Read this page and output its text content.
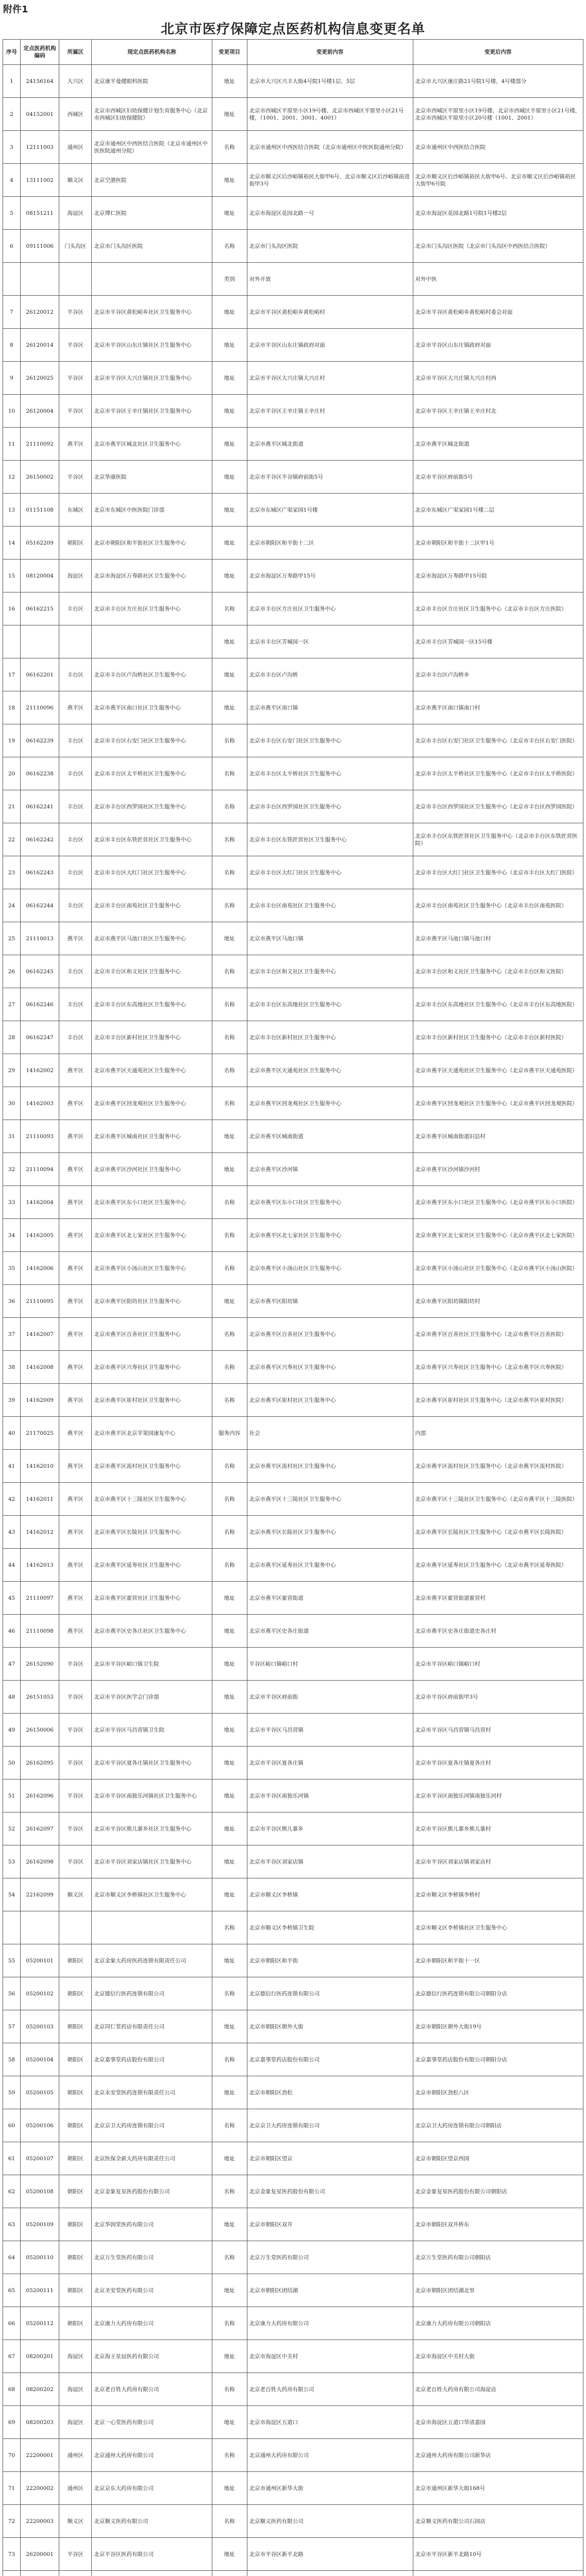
附件1
北京市医疗保障定点医药机构信息变更名单
序号	定点医药机构编码	所属区	现定点医药机构名称	变更项目	变更前内容	变更后内容
1	24156164	大兴区	北京康平曼健眼科医院	地址	北京市大兴区兴丰大街4号院1号楼1层、5层	北京市大兴区康庄路21号院1号楼，4号楼部分
2	04152001	西城区	北京市西城区妇幼保健计划生育服务中心（北京市西城区妇幼保健院）	地址	北京市西城区平原里小区19号楼、北京市西城区平原里小区21号楼，（1001、2001、3001、4001）	北京市西城区平原里小区19号楼、北京市西城区平原里小区21号楼，北京市西城区平原里小区20号楼（1001、2001）
3	12111003	通州区	北京市通州区中西医结合医院（北京市通州区中医医院通州分院）	名称	北京市通州区中西医结合医院（北京市通州区中医医院通州分院）	北京市通州区中西医结合医院
4	13111002	顺义区	北京空港医院	地址	北京市顺义区后沙峪镇裕民大街甲6号、北京市顺义区后沙峪镇前进街甲3号	北京市顺义区后沙峪镇裕民大街甲6号、北京市顺义区后沙峪镇裕民大街甲6号院
5	08151211	海淀区	北京博仁医院	地址	北京市海淀区花园北路一号	北京市海淀区花园北路1号院1号楼2层
6	09111006	门头沟区	北京市门头沟区医院	名称	北京市门头沟区医院	北京市门头沟区医院（北京市门头沟区中西医结合医院）
				类别	对外开放	对外中医
7	26120012	平谷区	北京市平谷区黄松峪乡社区卫生服务中心	地址	北京市平谷区黄松峪乡黄松峪村	北京市平谷区黄松峪乡黄松峪村委会对面
8	26120014	平谷区	北京市平谷区山东庄镇社区卫生服务中心	地址	北京市平谷区山东庄镇政府对面	北京市平谷区山东庄镇政府对面
9	26120025	平谷区	北京市平谷区大兴庄镇社区卫生服务中心	地址	北京市平谷区大兴庄镇大兴庄村	北京市平谷区大兴庄镇大兴庄村西
10	26120004	平谷区	北京市平谷区王辛庄镇社区卫生服务中心	地址	北京市平谷区王辛庄镇王辛庄村	北京市平谷区王辛庄镇王辛庄村北
11	21110092	燕平区	北京市燕平区城北社区卫生服务中心	地址	北京市燕平区城北街道	北京市燕平区城北街道
12	26150002	平谷区	北京华康医院	地址	北京市平谷区平谷镇府前街5号	北京市平谷区府前街5号
13	01151108	东城区	北京市东城区中医医院门诊部	地址	北京市东城区广渠家园1号楼	北京市东城区广渠家园1号楼二层
14	05162209	朝阳区	北京市朝阳区和平街社区卫生服务中心	地址	北京市朝阳区和平街十二区	北京市朝阳区和平街十二区甲1号
15	08120004	海淀区	北京市海淀区万寿路社区卫生服务中心	地址	北京市海淀区万寿路甲15号	北京市海淀区万寿路甲15号院
16	06162215	丰台区	北京市丰台区方庄社区卫生服务中心	名称	北京市丰台区方庄社区卫生服务中心	北京市丰台区方庄社区卫生服务中心（北京市丰台区方庄医院）
				地址	北京市丰台区芳城园一区	北京市丰台区芳城园一区15号楼
17	06162201	丰台区	北京市丰台区卢沟桥社区卫生服务中心	地址	北京市丰台区卢沟桥	北京市丰台区卢沟桥乡
18	21110096	燕平区	北京市燕平区南口社区卫生服务中心	地址	北京市燕平区南口镇	北京市燕平区南口镇南口村
19	06162239	丰台区	北京市丰台区右安门社区卫生服务中心	名称	北京市丰台区右安门社区卫生服务中心	北京市丰台区右安门社区卫生服务中心（北京市丰台区右安门医院）
20	06162238	丰台区	北京市丰台区太平桥社区卫生服务中心	名称	北京市丰台区太平桥社区卫生服务中心	北京市丰台区太平桥社区卫生服务中心（北京市丰台区太平桥医院）
21	06162241	丰台区	北京市丰台区西罗园社区卫生服务中心	名称	北京市丰台区西罗园社区卫生服务中心	北京市丰台区西罗园社区卫生服务中心（北京市丰台区西罗园医院）
22	06162242	丰台区	北京市丰台区东铁匠营社区卫生服务中心	名称	北京市丰台区东铁匠营社区卫生服务中心	北京市丰台区东铁匠营社区卫生服务中心（北京市丰台区东铁匠营医院）
23	06162243	丰台区	北京市丰台区大红门社区卫生服务中心	名称	北京市丰台区大红门社区卫生服务中心	北京市丰台区大红门社区卫生服务中心（北京市丰台区大红门医院）
24	06162244	丰台区	北京市丰台区南苑社区卫生服务中心	名称	北京市丰台区南苑社区卫生服务中心	北京市丰台区南苑社区卫生服务中心（北京市丰台区南苑医院）
25	21110013	燕平区	北京市燕平区马池口社区卫生服务中心	地址	北京市燕平区马池口镇	北京市燕平区马池口镇马池口村
26	06162245	丰台区	北京市丰台区和义社区卫生服务中心	名称	北京市丰台区和义社区卫生服务中心	北京市丰台区和义社区卫生服务中心（北京市丰台区和义医院）
27	06162246	丰台区	北京市丰台区东高地社区卫生服务中心	名称	北京市丰台区东高地社区卫生服务中心	北京市丰台区东高地社区卫生服务中心（北京市丰台区东高地医院）
28	06162247	丰台区	北京市丰台区新村社区卫生服务中心	名称	北京市丰台区新村社区卫生服务中心	北京市丰台区新村社区卫生服务中心（北京市丰台区新村医院）
29	14162002	燕平区	北京市燕平区天通苑社区卫生服务中心	名称	北京市燕平区天通苑社区卫生服务中心	北京市燕平区天通苑社区卫生服务中心（北京市燕平区天通苑医院）
30	14162003	燕平区	北京市燕平区回龙观社区卫生服务中心	名称	北京市燕平区回龙观社区卫生服务中心	北京市燕平区回龙观社区卫生服务中心（北京市燕平区回龙观医院）
31	21110093	燕平区	北京市燕平区城南社区卫生服务中心	地址	北京市燕平区城南街道	北京市燕平区城南街道旧县村
32	21110094	燕平区	北京市燕平区沙河社区卫生服务中心	地址	北京市燕平区沙河镇	北京市燕平区沙河镇沙河村
33	14162004	燕平区	北京市燕平区东小口社区卫生服务中心	名称	北京市燕平区东小口社区卫生服务中心	北京市燕平区东小口社区卫生服务中心（北京市燕平区东小口医院）
34	14162005	燕平区	北京市燕平区北七家社区卫生服务中心	名称	北京市燕平区北七家社区卫生服务中心	北京市燕平区北七家社区卫生服务中心（北京市燕平区北七家医院）
35	14162006	燕平区	北京市燕平区小汤山社区卫生服务中心	名称	北京市燕平区小汤山社区卫生服务中心	北京市燕平区小汤山社区卫生服务中心（北京市燕平区小汤山医院）
36	21110095	燕平区	北京市燕平区阳坊社区卫生服务中心	地址	北京市燕平区阳坊镇	北京市燕平区阳坊镇阳坊村
37	14162007	燕平区	北京市燕平区百善社区卫生服务中心	名称	北京市燕平区百善社区卫生服务中心	北京市燕平区百善社区卫生服务中心（北京市燕平区百善医院）
38	14162008	燕平区	北京市燕平区兴寿社区卫生服务中心	名称	北京市燕平区兴寿社区卫生服务中心	北京市燕平区兴寿社区卫生服务中心（北京市燕平区兴寿医院）
39	14162009	燕平区	北京市燕平区崔村社区卫生服务中心	名称	北京市燕平区崔村社区卫生服务中心	北京市燕平区崔村社区卫生服务中心（北京市燕平区崔村医院）
40	21170025	燕平区	北京市燕平区北京苹果园康复中心	服务内容	社会	内部
41	14162010	燕平区	北京市燕平区流村社区卫生服务中心	名称	北京市燕平区流村社区卫生服务中心	北京市燕平区流村社区卫生服务中心（北京市燕平区流村医院）
42	14162011	燕平区	北京市燕平区十三陵社区卫生服务中心	名称	北京市燕平区十三陵社区卫生服务中心	北京市燕平区十三陵社区卫生服务中心（北京市燕平区十三陵医院）
43	14162012	燕平区	北京市燕平区长陵社区卫生服务中心	名称	北京市燕平区长陵社区卫生服务中心	北京市燕平区长陵社区卫生服务中心（北京市燕平区长陵医院）
44	14162013	燕平区	北京市燕平区延寿社区卫生服务中心	名称	北京市燕平区延寿社区卫生服务中心	北京市燕平区延寿社区卫生服务中心（北京市燕平区延寿医院）
45	21110097	燕平区	北京市燕平区霍营社区卫生服务中心	地址	北京市燕平区霍营街道	北京市燕平区霍营街道霍营村
46	21110098	燕平区	北京市燕平区史各庄社区卫生服务中心	地址	北京市燕平区史各庄街道	北京市燕平区史各庄街道史各庄村
47	26152090	平谷区	北京市平谷区峪口镇卫生院	地址	平谷区峪口镇峪口村	北京市平谷区峪口镇峪口村
48	26151053	平谷区	北京市平谷区医学会门诊部	地址	北京市平谷区府前街	北京市平谷区府前街甲3号
49	26150006	平谷区	北京市平谷区马昌营镇卫生院	地址	北京市平谷区马昌营镇	北京市平谷区马昌营镇马昌营村
50	26162095	平谷区	北京市平谷区夏各庄镇社区卫生服务中心	地址	北京市平谷区夏各庄镇	北京市平谷区夏各庄镇夏各庄村
51	26162096	平谷区	北京市平谷区南独乐河镇社区卫生服务中心	地址	北京市平谷区南独乐河镇	北京市平谷区南独乐河镇南独乐河村
52	26162097	平谷区	北京市平谷区熊儿寨乡社区卫生服务中心	地址	北京市平谷区熊儿寨乡	北京市平谷区熊儿寨乡熊儿寨村
53	26162098	平谷区	北京市平谷区刘家店镇社区卫生服务中心	地址	北京市平谷区刘家店镇	北京市平谷区刘家店镇刘家店村
54	22162099	顺义区	北京市顺义区李桥镇社区卫生服务中心	地址	北京市顺义区李桥镇	北京市顺义区李桥镇李桥村
				名称	北京市顺义区李桥镇卫生院	北京市顺义区李桥镇社区卫生服务中心
55	05200101	朝阳区	北京金象大药房医药连锁有限责任公司	地址	北京市朝阳区和平街	北京市朝阳区和平街十一区
56	05200102	朝阳区	北京德信行医药连锁有限公司	名称	北京德信行医药连锁有限公司	北京德信行医药连锁有限公司朝阳分店
57	05200103	朝阳区	北京同仁堂药店有限责任公司	地址	北京市朝阳区朝外大街	北京市朝阳区朝外大街19号
58	05200104	朝阳区	北京嘉事堂药店股份有限公司	名称	北京嘉事堂药店股份有限公司	北京嘉事堂药店股份有限公司朝阳分店
59	05200105	朝阳区	北京永安堂医药连锁有限责任公司	地址	北京市朝阳区劲松	北京市朝阳区劲松八区
60	05200106	朝阳区	北京京卫大药房连锁有限公司	名称	北京京卫大药房连锁有限公司	北京京卫大药房连锁有限公司朝阳店
61	05200107	朝阳区	北京医保全新大药房有限责任公司	地址	北京市朝阳区望京	北京市朝阳区望京西园
62	05200108	朝阳区	北京金象复星医药股份有限公司	名称	北京金象复星医药股份有限公司	北京金象复星医药股份有限公司朝阳店
63	05200109	朝阳区	北京华润堂医药有限公司	地址	北京市朝阳区双井	北京市朝阳区双井桥东
64	05200110	朝阳区	北京万生堂医药有限公司	名称	北京万生堂医药有限公司	北京万生堂医药有限公司朝阳店
65	05200111	朝阳区	北京圣安堂医药有限公司	地址	北京市朝阳区团结湖	北京市朝阳区团结湖北里
66	05200112	朝阳区	北京康力大药房有限公司	名称	北京康力大药房有限公司	北京康力大药房有限公司朝阳店
67	08200201	海淀区	北京海王星辰医药有限公司	地址	北京市海淀区中关村	北京市海淀区中关村大街
68	08200202	海淀区	北京老百姓大药房有限公司	名称	北京老百姓大药房有限公司	北京老百姓大药房有限公司海淀店
69	08200203	海淀区	北京一心堂医药有限公司	地址	北京市海淀区五道口	北京市海淀区五道口华清嘉园
70	22200001	通州区	北京通州大药房有限公司	名称	北京通州大药房有限公司	北京通州大药房有限公司新华店
71	22200002	通州区	北京京东大药房有限公司	地址	北京市通州区新华大街	北京市通州区新华大街168号
72	22200003	顺义区	北京顺义医药有限公司	名称	北京顺义医药有限公司	北京顺义医药有限公司石园店
73	26200001	平谷区	北京平谷区医药有限公司	地址	北京市平谷区新平北路	北京市平谷区新平北路10号
